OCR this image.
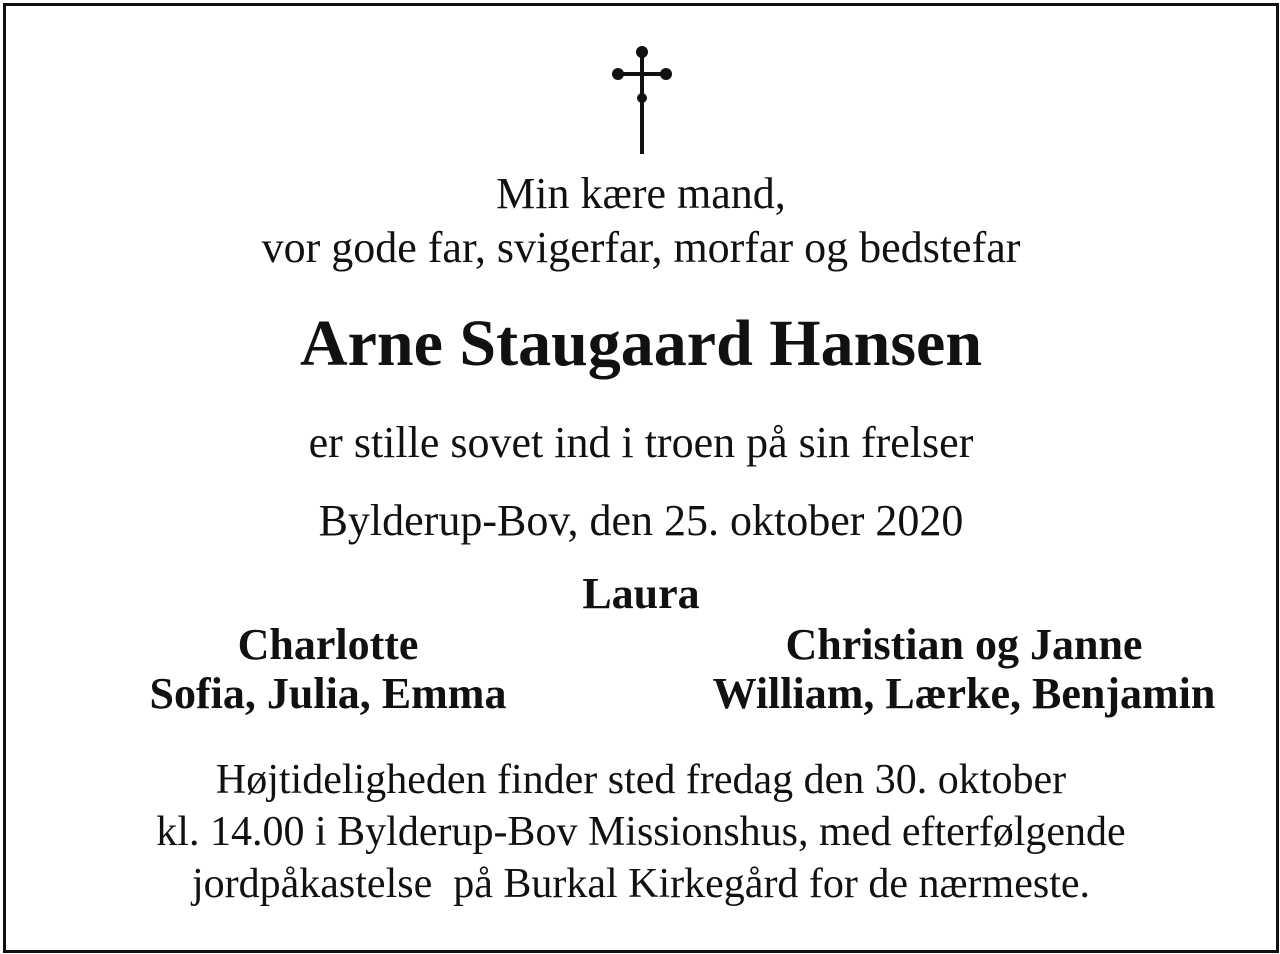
Min kære mand,
vor gode far, svigerfar, morfar og bedstefar
Arne Staugaard Hansen
er stille sovet ind i troen på sin frelser
Bylderup-Bov, den 25. oktober 2020
Laura
Charlotte
Sofia, Julia, Emma
Christian og Janne
William, Lærke, Benjamin
Højtideligheden finder sted fredag den 30. oktober
kl. 14.00 i Bylderup-Bov Missionshus, med efterfølgende
jordpåkastelse  på Burkal Kirkegård for de nærmeste.
